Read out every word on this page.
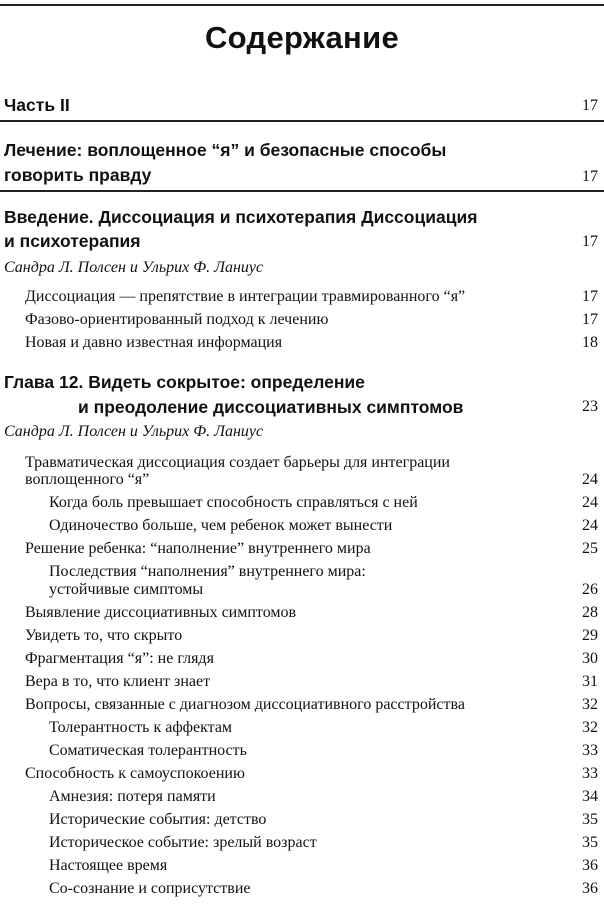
Содержание
Часть II	17
Лечение: воплощенное “я” и безопасные способы
говорить правду	17
Введение. Диссоциация и психотерапия Диссоциация
и психотерапия	17
Сандра Л. Полсен и Ульрих Ф. Ланиус
Диссоциация — препятствие в интеграции травмированного “я”	17
Фазово-ориентированный подход к лечению	17
Новая и давно известная информация	18
Глава 12. Видеть сокрытое: определение
и преодоление диссоциативных симптомов	23
Сандра Л. Полсен и Ульрих Ф. Ланиус
Травматическая диссоциация создает барьеры для интеграции
воплощенного “я”	24
Когда боль превышает способность справляться с ней	24
Одиночество больше, чем ребенок может вынести	24
Решение ребенка: “наполнение” внутреннего мира	25
Последствия “наполнения” внутреннего мира:
устойчивые симптомы	26
Выявление диссоциативных симптомов	28
Увидеть то, что скрыто	29
Фрагментация “я”: не глядя	30
Вера в то, что клиент знает	31
Вопросы, связанные с диагнозом диссоциативного расстройства	32
Толерантность к аффектам	32
Соматическая толерантность	33
Способность к самоуспокоению	33
Амнезия: потеря памяти	34
Исторические события: детство	35
Историческое событие: зрелый возраст	35
Настоящее время	36
Со-сознание и соприсутствие	36
